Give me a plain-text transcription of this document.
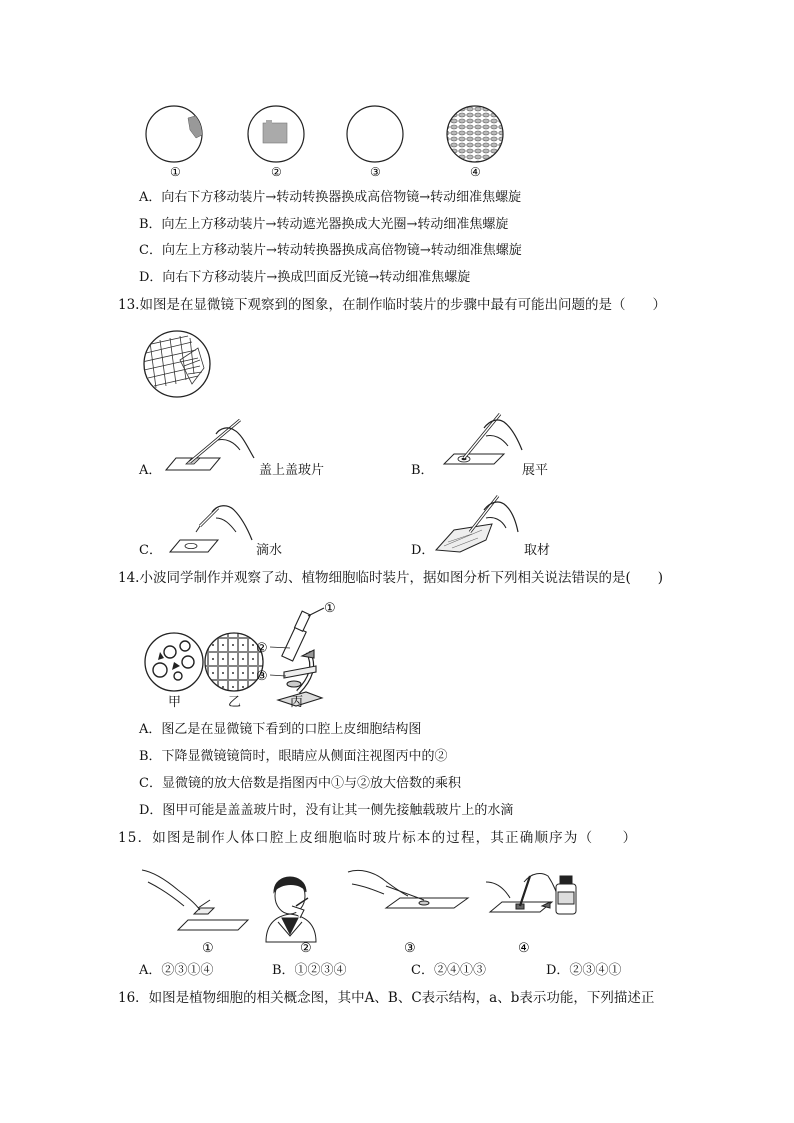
①	②	③	④
A．向右下方移动装片→转动转换器换成高倍物镜→转动细准焦螺旋
B．向左上方移动装片→转动遮光器换成大光圈→转动细准焦螺旋
C．向左上方移动装片→转动转换器换成高倍物镜→转动细准焦螺旋
D．向右下方移动装片→换成凹面反光镜→转动细准焦螺旋
13.如图是在显微镜下观察到的图象，在制作临时装片的步骤中最有可能出问题的是（　　）
A．	盖上盖玻片	B．	展平
C．	滴水	D．	取材
14.小波同学制作并观察了动、植物细胞临时装片，据如图分析下列相关说法错误的是(　　)
①
②
③
甲	乙	丙
A．图乙是在显微镜下看到的口腔上皮细胞结构图
B．下降显微镜镜筒时，眼睛应从侧面注视图丙中的②
C．显微镜的放大倍数是指图丙中①与②放大倍数的乘积
D．图甲可能是盖盖玻片时，没有让其一侧先接触载玻片上的水滴
15．如图是制作人体口腔上皮细胞临时玻片标本的过程，其正确顺序为（　　）
①	②	③	④
A．②③①④	B．①②③④	C．②④①③	D．②③④①
16．如图是植物细胞的相关概念图，其中A、B、C表示结构，a、b表示功能，下列描述正
